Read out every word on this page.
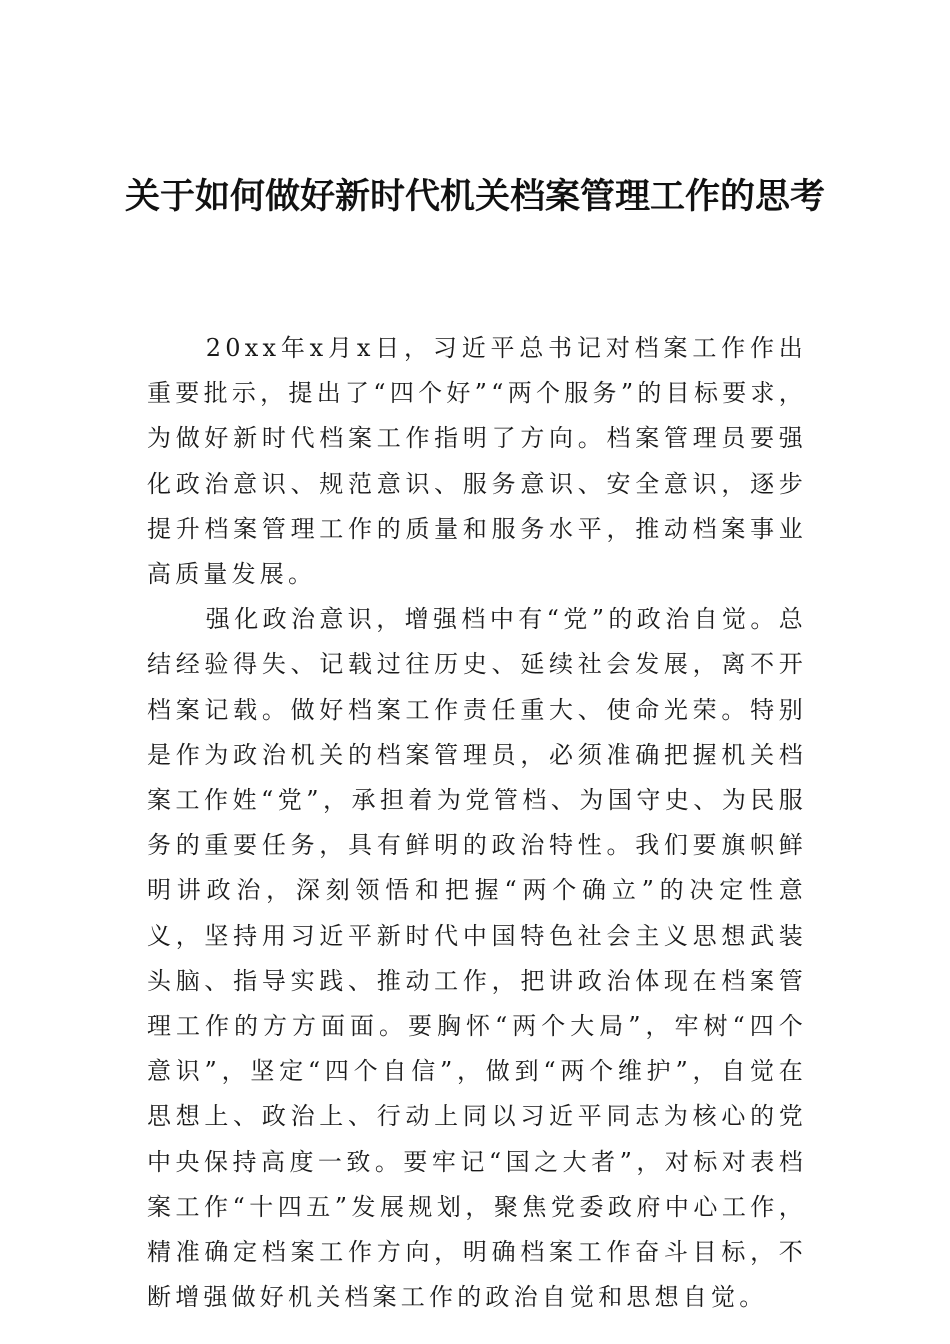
关于如何做好新时代机关档案管理工作的思考

20xx年x月x日，习近平总书记对档案工作作出重要批示，提出了“四个好”“两个服务”的目标要求，为做好新时代档案工作指明了方向。档案管理员要强化政治意识、规范意识、服务意识、安全意识，逐步提升档案管理工作的质量和服务水平，推动档案事业高质量发展。

强化政治意识，增强档中有“党”的政治自觉。总结经验得失、记载过往历史、延续社会发展，离不开档案记载。做好档案工作责任重大、使命光荣。特别是作为政治机关的档案管理员，必须准确把握机关档案工作姓“党”，承担着为党管档、为国守史、为民服务的重要任务，具有鲜明的政治特性。我们要旗帜鲜明讲政治，深刻领悟和把握“两个确立”的决定性意义，坚持用习近平新时代中国特色社会主义思想武装头脑、指导实践、推动工作，把讲政治体现在档案管理工作的方方面面。要胸怀“两个大局”，牢树“四个意识”，坚定“四个自信”，做到“两个维护”，自觉在思想上、政治上、行动上同以习近平同志为核心的党中央保持高度一致。要牢记“国之大者”，对标对表档案工作“十四五”发展规划，聚焦党委政府中心工作，精准确定档案工作方向，明确档案工作奋斗目标，不断增强做好机关档案工作的政治自觉和思想自觉。
